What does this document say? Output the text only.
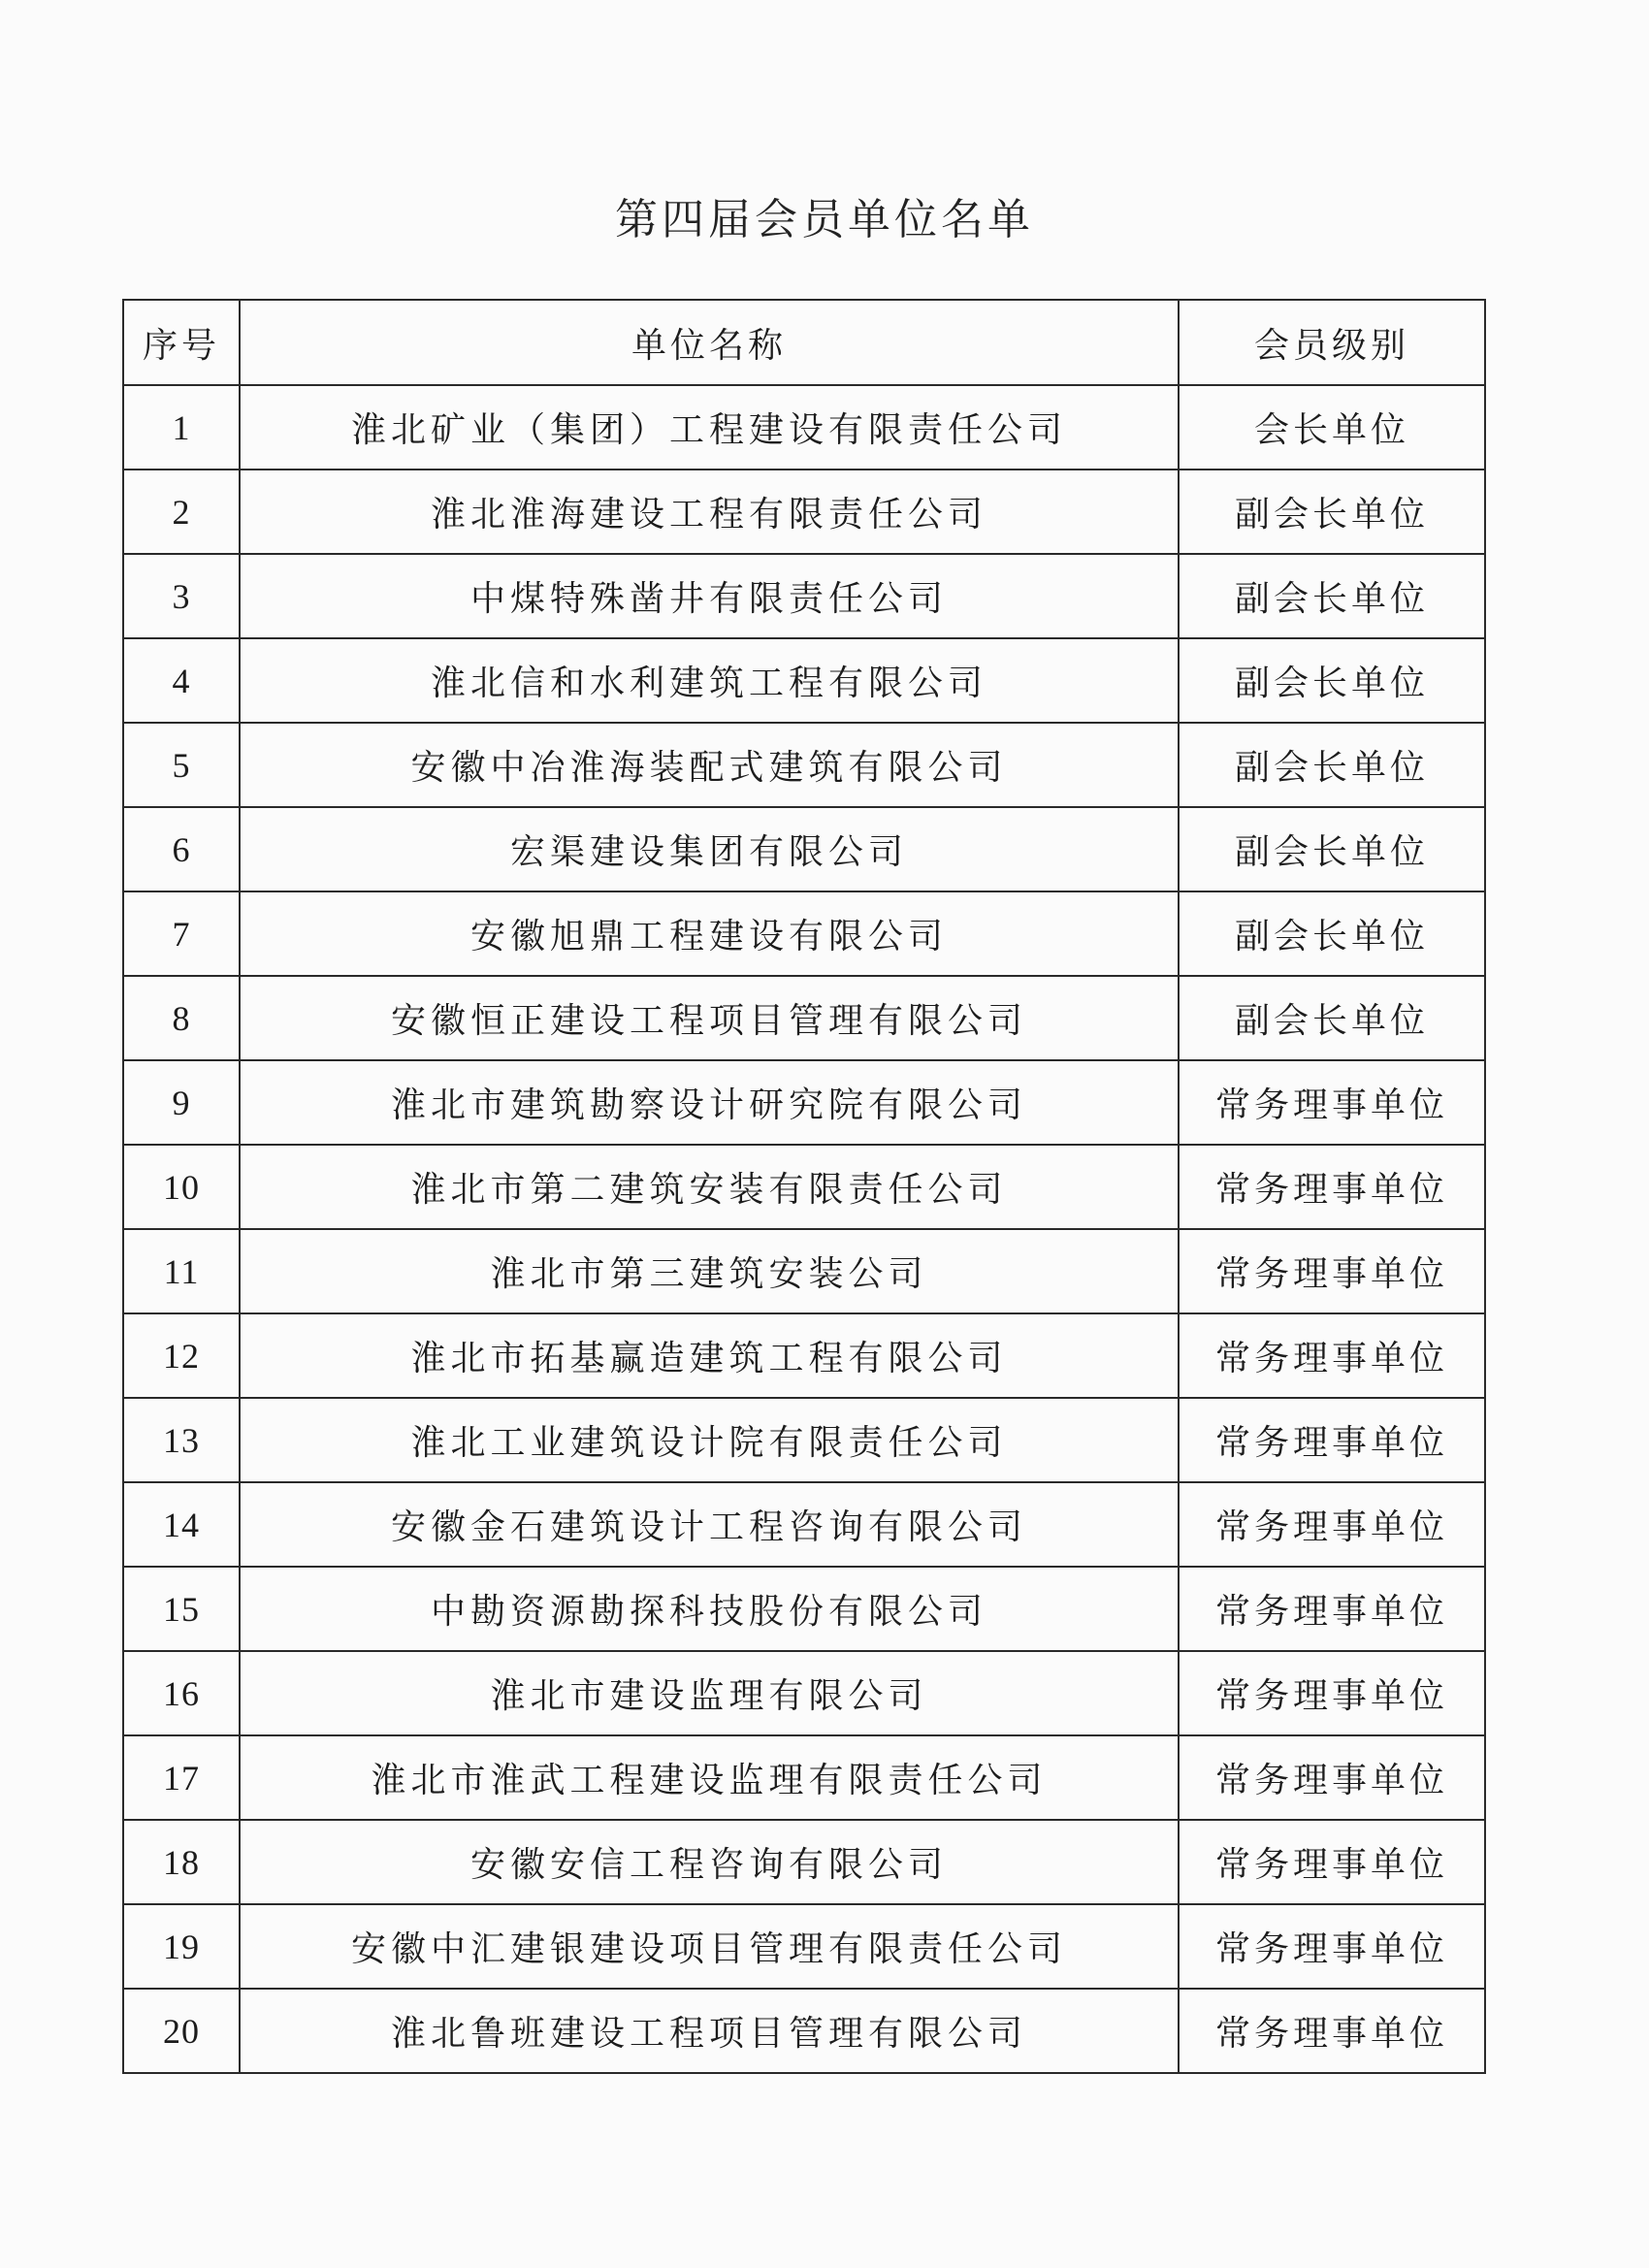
第四届会员单位名单
序号	单位名称	会员级别
1	淮北矿业（集团）工程建设有限责任公司	会长单位
2	淮北淮海建设工程有限责任公司	副会长单位
3	中煤特殊凿井有限责任公司	副会长单位
4	淮北信和水利建筑工程有限公司	副会长单位
5	安徽中冶淮海装配式建筑有限公司	副会长单位
6	宏渠建设集团有限公司	副会长单位
7	安徽旭鼎工程建设有限公司	副会长单位
8	安徽恒正建设工程项目管理有限公司	副会长单位
9	淮北市建筑勘察设计研究院有限公司	常务理事单位
10	淮北市第二建筑安装有限责任公司	常务理事单位
11	淮北市第三建筑安装公司	常务理事单位
12	淮北市拓基赢造建筑工程有限公司	常务理事单位
13	淮北工业建筑设计院有限责任公司	常务理事单位
14	安徽金石建筑设计工程咨询有限公司	常务理事单位
15	中勘资源勘探科技股份有限公司	常务理事单位
16	淮北市建设监理有限公司	常务理事单位
17	淮北市淮武工程建设监理有限责任公司	常务理事单位
18	安徽安信工程咨询有限公司	常务理事单位
19	安徽中汇建银建设项目管理有限责任公司	常务理事单位
20	淮北鲁班建设工程项目管理有限公司	常务理事单位
